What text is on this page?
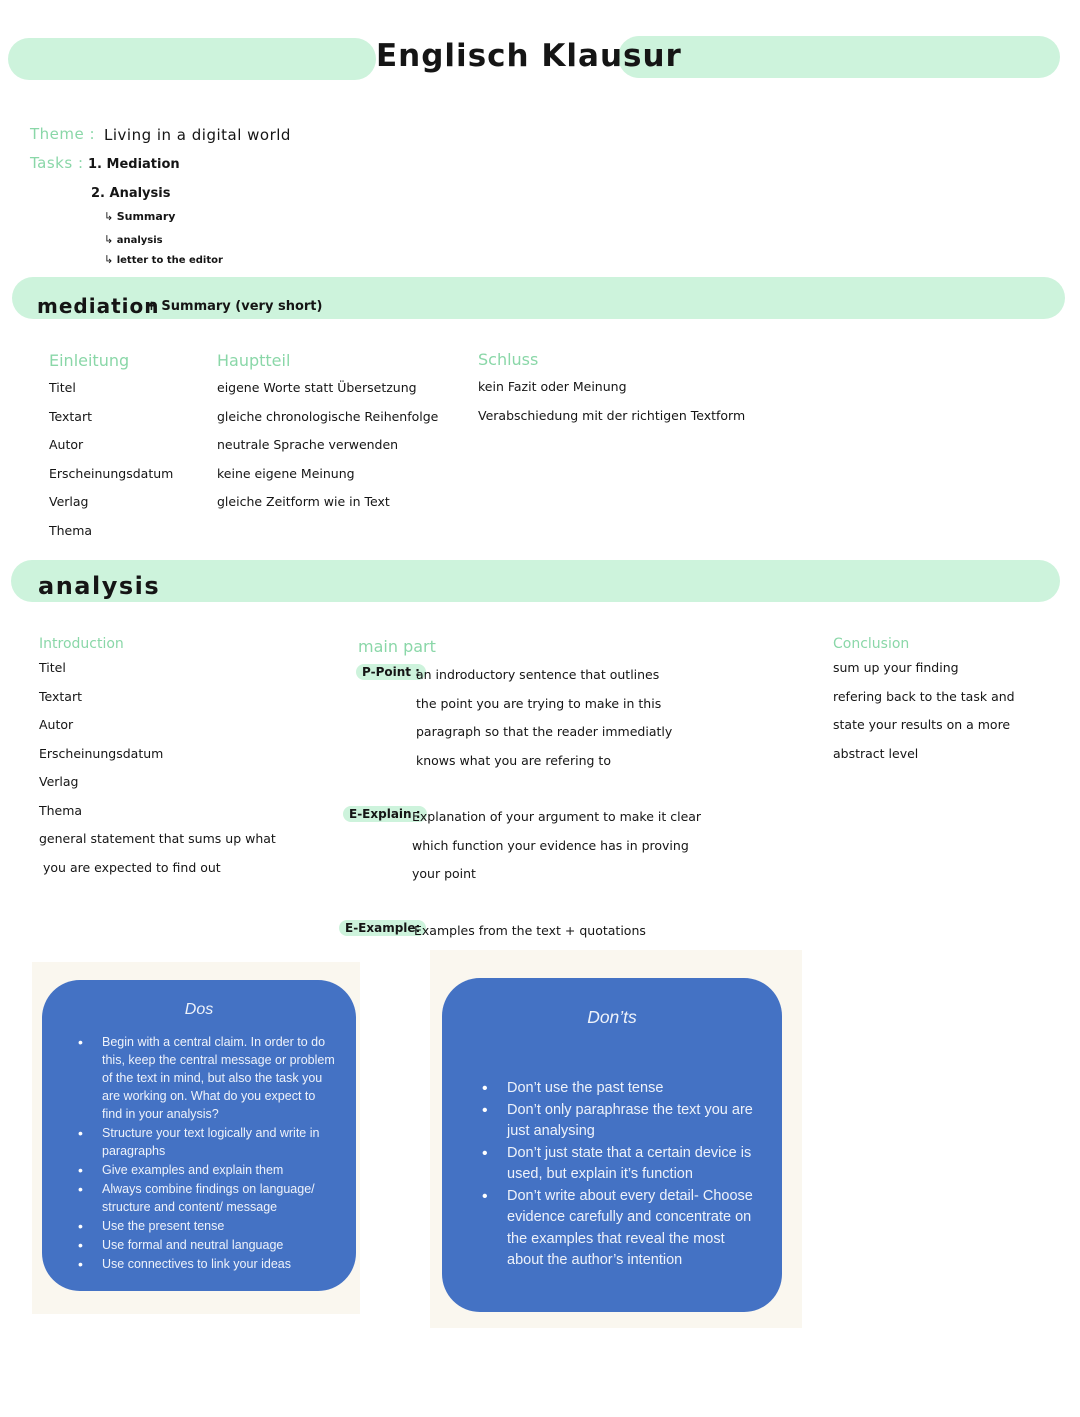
Englisch Klausur
Theme : Living in a digital world
Tasks : 1. Mediation
2. Analysis
↳ Summary
↳ analysis
↳ letter to the editor
mediation
+ Summary (very short)
Einleitung
Titel
Textart
Autor
Erscheinungsdatum
Verlag
Thema
Hauptteil
eigene Worte statt Übersetzung
gleiche chronologische Reihenfolge
neutrale Sprache verwenden
keine eigene Meinung
gleiche Zeitform wie in Text
Schluss
kein Fazit oder Meinung
Verabschiedung mit der richtigen Textform
analysis
Introduction
Titel
Textart
Autor
Erscheinungsdatum
Verlag
Thema
general statement that sums up what
you are expected to find out
main part
P-Point :
an indroductory sentence that outlines
the point you are trying to make in this
paragraph so that the reader immediatly
knows what you are refering to
E-Explain :
Explanation of your argument to make it clear
which function your evidence has in proving
your point
E-Example:
Examples from the text + quotations
Conclusion
sum up your finding
refering back to the task and
state your results on a more
abstract level
Dos
• Begin with a central claim. In order to do this, keep the central message or problem of the text in mind, but also the task you are working on. What do you expect to find in your analysis?
• Structure your text logically and write in paragraphs
• Give examples and explain them
• Always combine findings on language/ structure and content/ message
• Use the present tense
• Use formal and neutral language
• Use connectives to link your ideas
Don’ts
• Don’t use the past tense
• Don’t only paraphrase the text you are just analysing
• Don’t just state that a certain device is used, but explain it’s function
• Don’t write about every detail- Choose evidence carefully and concentrate on the examples that reveal the most about the author’s intention
